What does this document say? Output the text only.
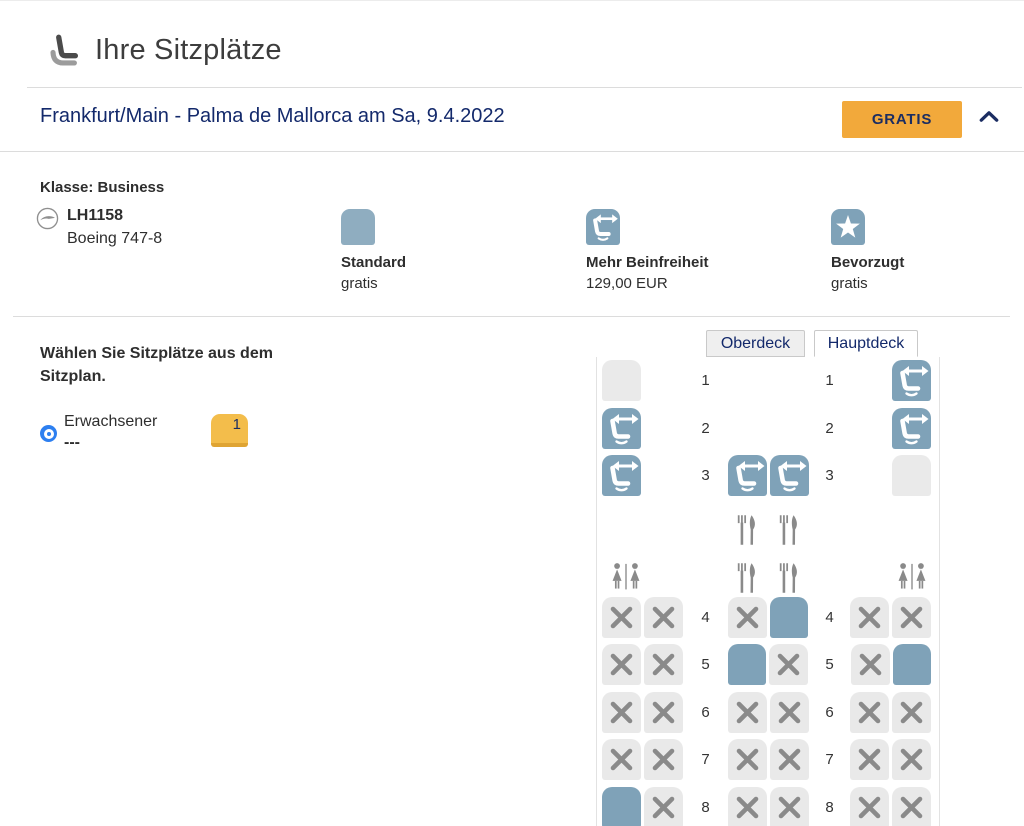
Ihre Sitzplätze
Frankfurt/Main - Palma de Mallorca am Sa, 9.4.2022	GRATIS
Klasse: Business
LH1158
Boeing 747-8
Standard
gratis
Mehr Beinfreiheit
129,00 EUR
Bevorzugt
gratis
Wählen Sie Sitzplätze aus dem Sitzplan.
Erwachsener
---
1
Oberdeck	Hauptdeck
1	1
2	2
3	3
4	4
5	5
6	6
7	7
8	8
